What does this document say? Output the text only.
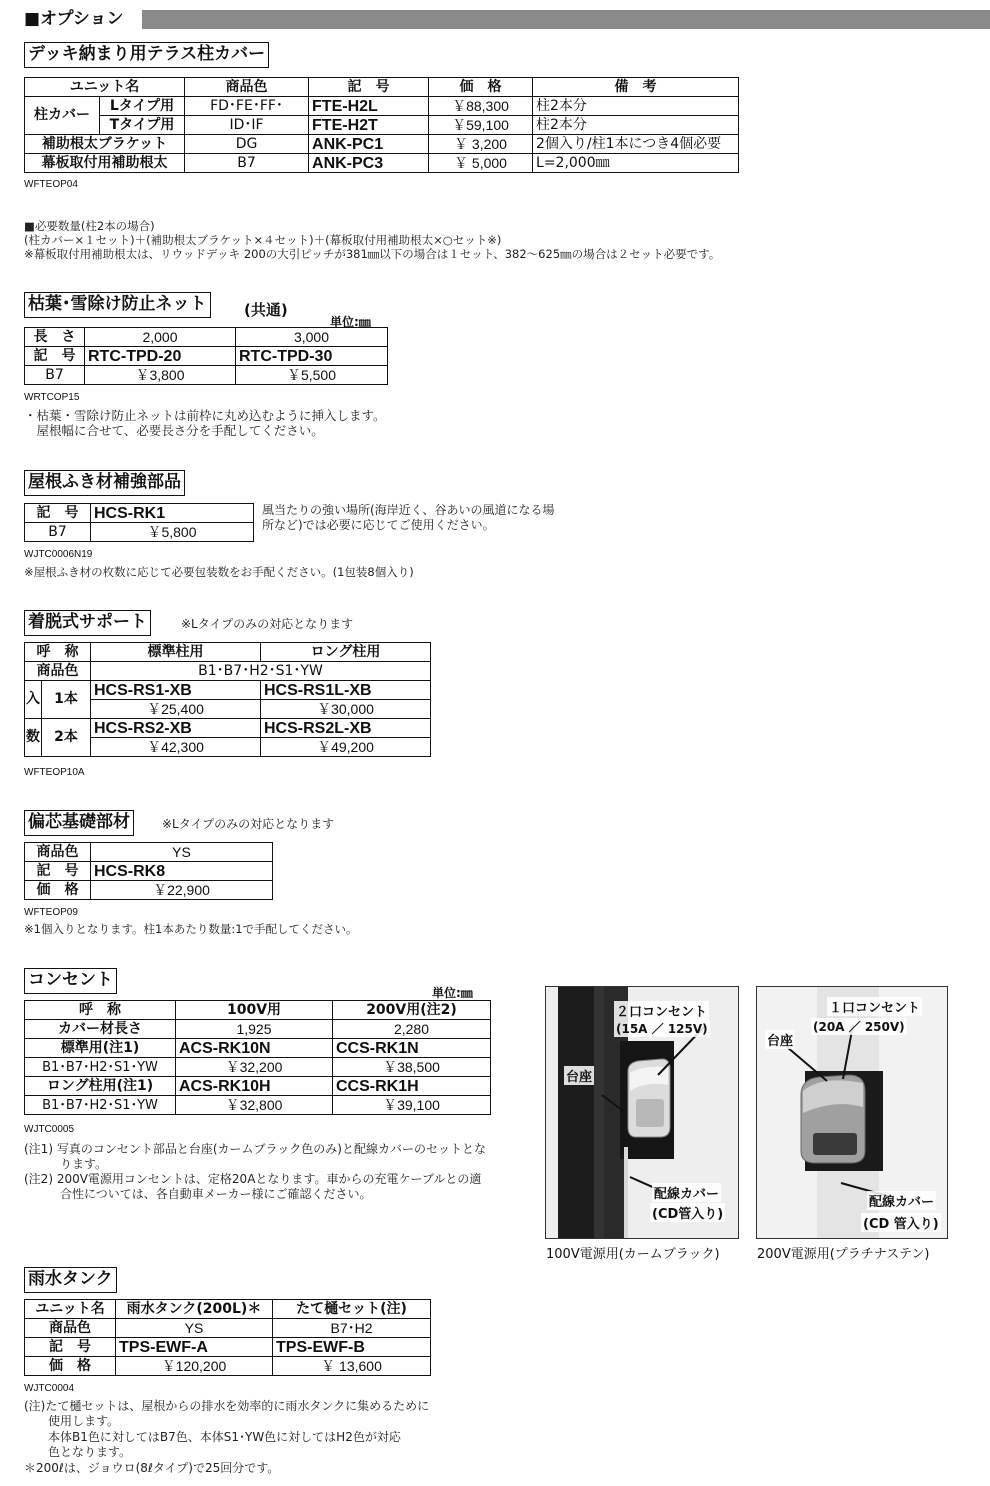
■オプション
デッキ納まり用テラス柱カバー
ユニット名		商品色	記　号	価　格	備　考
柱カバー	Lタイプ用	FD･FE･FF･	FTE-H2L	￥88,300	柱2本分
	Tタイプ用	ID･IF	FTE-H2T	￥59,100	柱2本分
補助根太ブラケット		DG	ANK-PC1	￥ 3,200	2個入り/柱1本につき4個必要
幕板取付用補助根太		B7	ANK-PC3	￥ 5,000	L=2,000㎜
WFTEOP04
■必要数量(柱2本の場合)
(柱カバー×１セット)＋(補助根太ブラケット×４セット)＋(幕板取付用補助根太×○セット※)
※幕板取付用補助根太は、リウッドデッキ 200の大引ピッチが381㎜以下の場合は１セット、382～625㎜の場合は２セット必要です。
枯葉･雪除け防止ネット	(共通)
単位:㎜
長　さ	2,000	3,000
記　号	RTC-TPD-20	RTC-TPD-30
B7	￥3,800	￥5,500
WRTCOP15
・枯葉・雪除け防止ネットは前枠に丸め込むように挿入します。
　屋根幅に合せて、必要長さ分を手配してください。
屋根ふき材補強部品
記　号	HCS-RK1
B7	￥5,800
風当たりの強い場所(海岸近く、谷あいの風道になる場
所など)では必要に応じてご使用ください。
WJTC0006N19
※屋根ふき材の枚数に応じて必要包装数をお手配ください。(1包装8個入り)
着脱式サポート	※Lタイプのみの対応となります
呼　称		標準柱用	ロング柱用
商品色		B1･B7･H2･S1･YW	
入	1本	HCS-RS1-XB	HCS-RS1L-XB
		￥25,400	￥30,000
数	2本	HCS-RS2-XB	HCS-RS2L-XB
		￥42,300	￥49,200
WFTEOP10A
偏芯基礎部材	※Lタイプのみの対応となります
商品色	YS
記　号	HCS-RK8
価　格	￥22,900
WFTEOP09
※1個入りとなります。柱1本あたり数量:1で手配してください。
コンセント
単位:㎜
呼　称	100V用	200V用(注2)
カバー材長さ	1,925	2,280
標準用(注1)	ACS-RK10N	CCS-RK1N
B1･B7･H2･S1･YW	￥32,200	￥38,500
ロング柱用(注1)	ACS-RK10H	CCS-RK1H
B1･B7･H2･S1･YW	￥32,800	￥39,100
WJTC0005
(注1) 写真のコンセント部品と台座(カームブラック色のみ)と配線カバーのセットとな
　　　ります。
(注2) 200V電源用コンセントは、定格20Aとなります。車からの充電ケーブルとの適
　　　合性については、各自動車メーカー様にご確認ください。
２口コンセント
(15A ／ 125V)
台座
配線カバー
(CD管入り)
100V電源用(カームブラック)
１口コンセント
(20A ／ 250V)
台座
配線カバー
(CD 管入り)
200V電源用(プラチナステン)
雨水タンク
ユニット名	雨水タンク(200L)＊	たて樋セット(注)
商品色	YS	B7･H2
記　号	TPS-EWF-A	TPS-EWF-B
価　格	￥120,200	￥ 13,600
WJTC0004
(注)たて樋セットは、屋根からの排水を効率的に雨水タンクに集めるために
　　使用します。
　　本体B1色に対してはB7色、本体S1･YW色に対してはH2色が対応
　　色となります。
＊200ℓは、ジョウロ(8ℓタイプ)で25回分です。
